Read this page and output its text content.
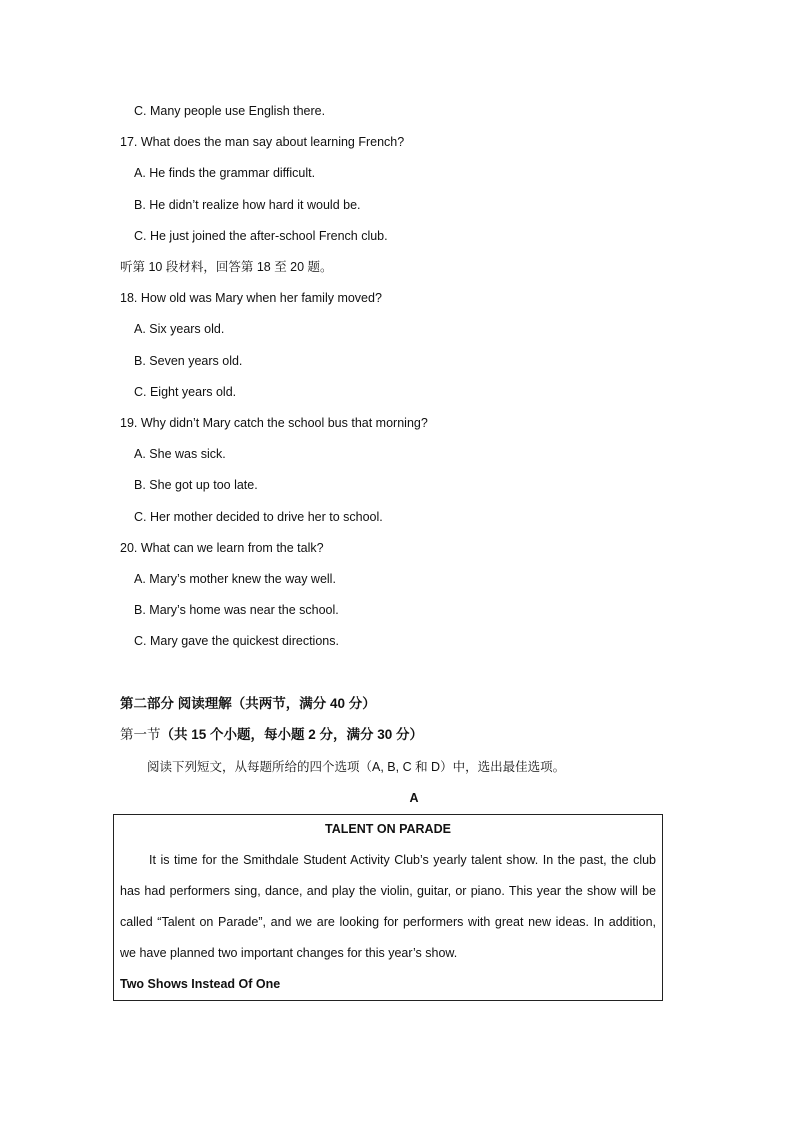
C. Many people use English there.
17. What does the man say about learning French?
A. He finds the grammar difficult.
B. He didn’t realize how hard it would be.
C. He just joined the after-school French club.
听第 10 段材料，回答第 18 至 20 题。
18. How old was Mary when her family moved?
A. Six years old.
B. Seven years old.
C. Eight years old.
19. Why didn’t Mary catch the school bus that morning?
A. She was sick.
B. She got up too late.
C. Her mother decided to drive her to school.
20. What can we learn from the talk?
A. Mary’s mother knew the way well.
B. Mary’s home was near the school.
C. Mary gave the quickest directions.
第二部分 阅读理解（共两节，满分 40 分）
第一节（共 15 个小题，每小题 2 分，满分 30 分）
阅读下列短文，从每题所给的四个选项（A, B, C 和 D）中，选出最佳选项。
A
TALENT ON PARADE
It is time for the Smithdale Student Activity Club’s yearly talent show. In the past, the club has had performers sing, dance, and play the violin, guitar, or piano. This year the show will be called “Talent on Parade”, and we are looking for performers with great new ideas. In addition, we have planned two important changes for this year’s show.
Two Shows Instead Of One
